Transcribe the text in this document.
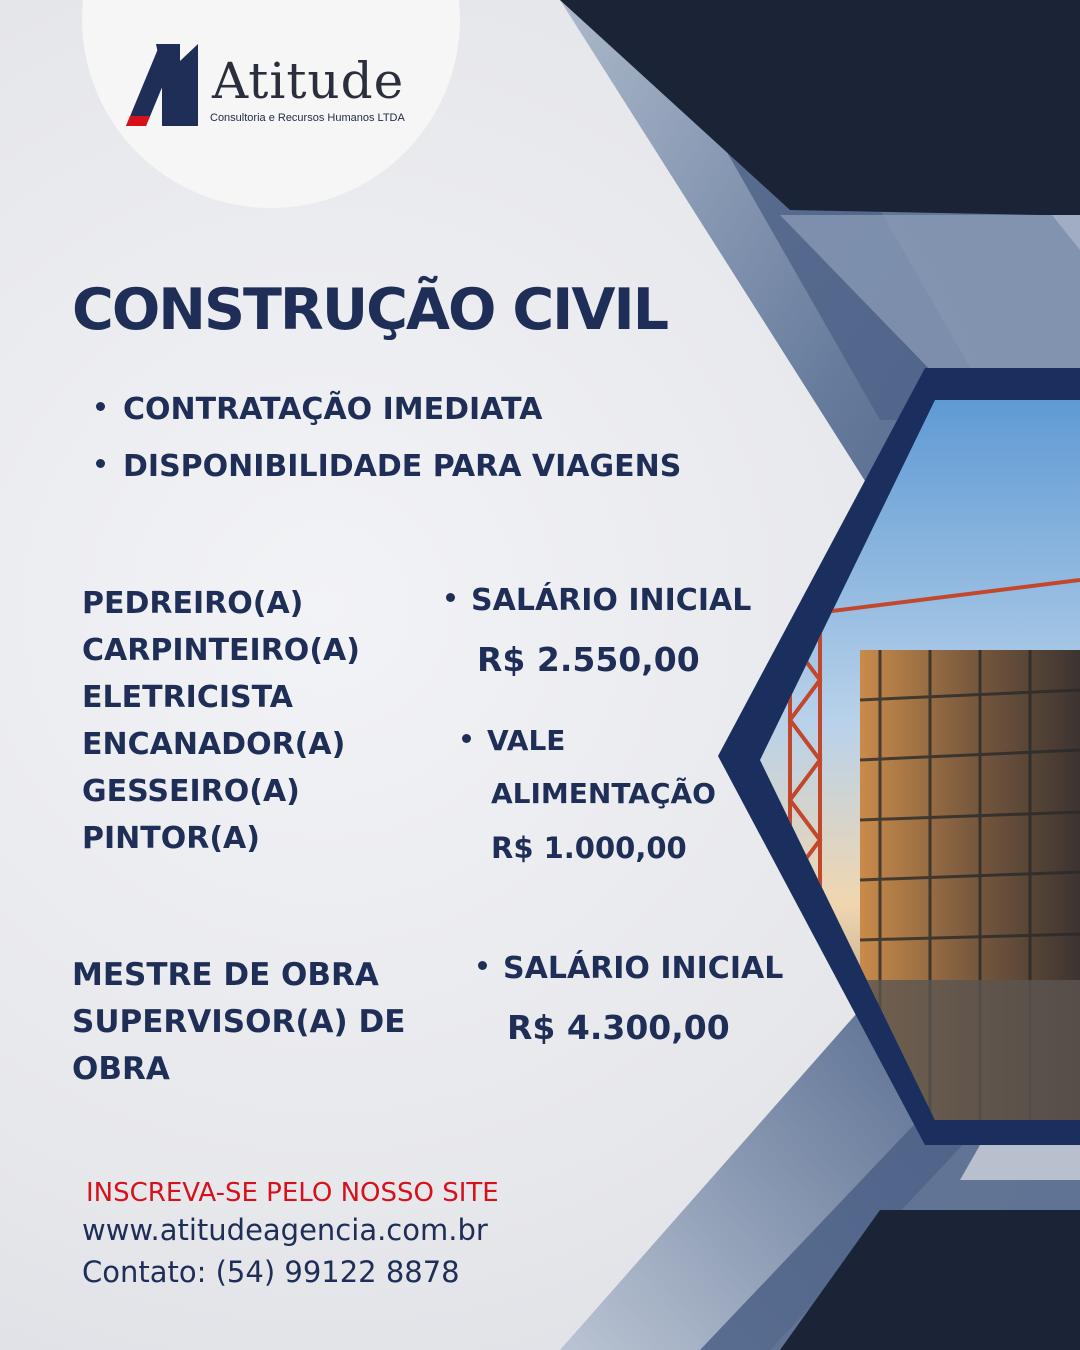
Atitude
Consultoria e Recursos Humanos LTDA
CONSTRUÇÃO CIVIL
CONTRATAÇÃO IMEDIATA
DISPONIBILIDADE PARA VIAGENS
PEDREIRO(A)
CARPINTEIRO(A)
ELETRICISTA
ENCANADOR(A)
GESSEIRO(A)
PINTOR(A)
SALÁRIO INICIAL
R$ 2.550,00
VALE
ALIMENTAÇÃO
R$ 1.000,00
MESTRE DE OBRA
SUPERVISOR(A) DE
OBRA
SALÁRIO INICIAL
R$ 4.300,00
INSCREVA-SE PELO NOSSO SITE
www.atitudeagencia.com.br
Contato: (54) 99122 8878
